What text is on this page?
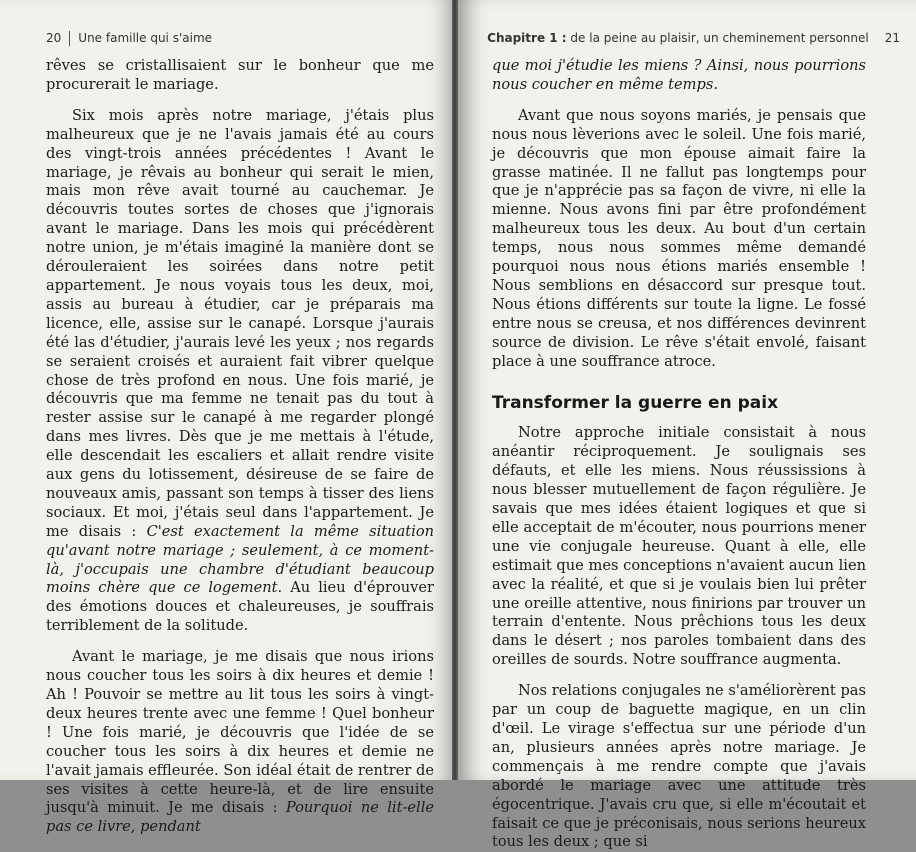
20 Une famille qui s'aime

rêves se cristallisaient sur le bonheur que me procurerait le mariage.

Six mois après notre mariage, j'étais plus malheureux que je ne l'avais jamais été au cours des vingt-trois années précédentes ! Avant le mariage, je rêvais au bonheur qui serait le mien, mais mon rêve avait tourné au cauchemar. Je découvris toutes sortes de choses que j'ignorais avant le mariage. Dans les mois qui précédèrent notre union, je m'étais imaginé la manière dont se dérouleraient les soirées dans notre petit appartement. Je nous voyais tous les deux, moi, assis au bureau à étudier, car je préparais ma licence, elle, assise sur le canapé. Lorsque j'aurais été las d'étudier, j'aurais levé les yeux ; nos regards se seraient croisés et auraient fait vibrer quelque chose de très profond en nous. Une fois marié, je découvris que ma femme ne tenait pas du tout à rester assise sur le canapé à me regarder plongé dans mes livres. Dès que je me mettais à l'étude, elle descendait les escaliers et allait rendre visite aux gens du lotissement, désireuse de se faire de nouveaux amis, passant son temps à tisser des liens sociaux. Et moi, j'étais seul dans l'appartement. Je me disais : C'est exactement la même situation qu'avant notre mariage ; seulement, à ce moment-là, j'occupais une chambre d'étudiant beaucoup moins chère que ce logement. Au lieu d'éprouver des émotions douces et chaleureuses, je souffrais terriblement de la solitude.

Avant le mariage, je me disais que nous irions nous coucher tous les soirs à dix heures et demie ! Ah ! Pouvoir se mettre au lit tous les soirs à vingt-deux heures trente avec une femme ! Quel bonheur ! Une fois marié, je découvris que l'idée de se coucher tous les soirs à dix heures et demie ne l'avait jamais effleurée. Son idéal était de rentrer de ses visites à cette heure-là, et de lire ensuite jusqu'à minuit. Je me disais : Pourquoi ne lit-elle pas ce livre, pendant

Chapitre 1 :
de la peine au plaisir, un cheminement personnel 21

que moi j'étudie les miens ? Ainsi, nous pourrions nous coucher en même temps.

Avant que nous soyons mariés, je pensais que nous nous lèverions avec le soleil. Une fois marié, je découvris que mon épouse aimait faire la grasse matinée. Il ne fallut pas longtemps pour que je n'apprécie pas sa façon de vivre, ni elle la mienne. Nous avons fini par être profondément malheureux tous les deux. Au bout d'un certain temps, nous nous sommes même demandé pourquoi nous nous étions mariés ensemble ! Nous semblions en désaccord sur presque tout. Nous étions différents sur toute la ligne. Le fossé entre nous se creusa, et nos différences devinrent source de division. Le rêve s'était envolé, faisant place à une souffrance atroce.

Transformer la guerre en paix

Notre approche initiale consistait à nous anéantir réciproquement. Je soulignais ses défauts, et elle les miens. Nous réussissions à nous blesser mutuellement de façon régulière. Je savais que mes idées étaient logiques et que si elle acceptait de m'écouter, nous pourrions mener une vie conjugale heureuse. Quant à elle, elle estimait que mes conceptions n'avaient aucun lien avec la réalité, et que si je voulais bien lui prêter une oreille attentive, nous finirions par trouver un terrain d'entente. Nous prêchions tous les deux dans le désert ; nos paroles tombaient dans des oreilles de sourds. Notre souffrance augmenta.

Nos relations conjugales ne s'améliorèrent pas par un coup de baguette magique, en un clin d'œil. Le virage s'effectua sur une période d'un an, plusieurs années après notre mariage. Je commençais à me rendre compte que j'avais abordé le mariage avec une attitude très égocentrique. J'avais cru que, si elle m'écoutait et faisait ce que je préconisais, nous serions heureux tous les deux ; que si
